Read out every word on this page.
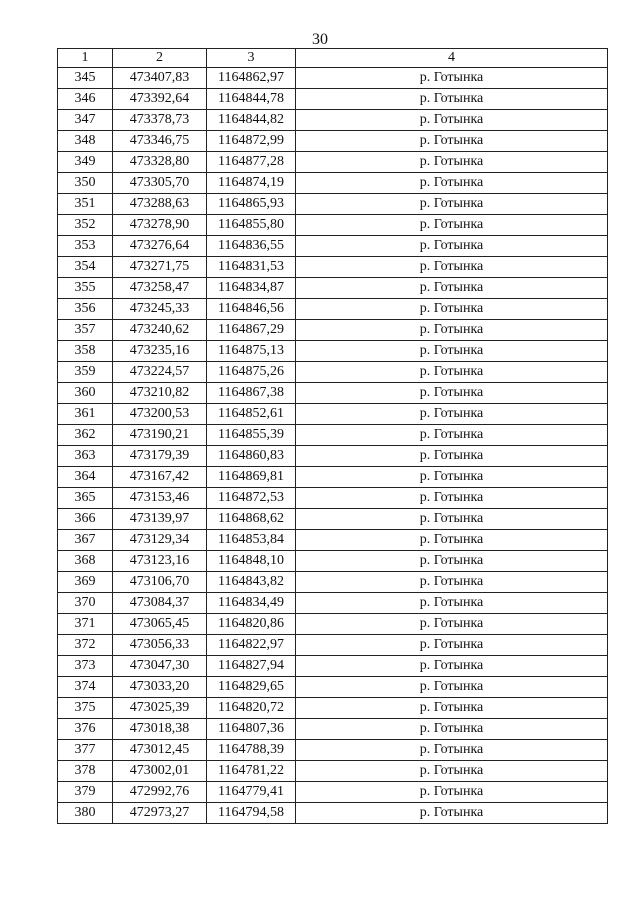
30
1	2	3	4
345	473407,83	1164862,97	р. Готынка
346	473392,64	1164844,78	р. Готынка
347	473378,73	1164844,82	р. Готынка
348	473346,75	1164872,99	р. Готынка
349	473328,80	1164877,28	р. Готынка
350	473305,70	1164874,19	р. Готынка
351	473288,63	1164865,93	р. Готынка
352	473278,90	1164855,80	р. Готынка
353	473276,64	1164836,55	р. Готынка
354	473271,75	1164831,53	р. Готынка
355	473258,47	1164834,87	р. Готынка
356	473245,33	1164846,56	р. Готынка
357	473240,62	1164867,29	р. Готынка
358	473235,16	1164875,13	р. Готынка
359	473224,57	1164875,26	р. Готынка
360	473210,82	1164867,38	р. Готынка
361	473200,53	1164852,61	р. Готынка
362	473190,21	1164855,39	р. Готынка
363	473179,39	1164860,83	р. Готынка
364	473167,42	1164869,81	р. Готынка
365	473153,46	1164872,53	р. Готынка
366	473139,97	1164868,62	р. Готынка
367	473129,34	1164853,84	р. Готынка
368	473123,16	1164848,10	р. Готынка
369	473106,70	1164843,82	р. Готынка
370	473084,37	1164834,49	р. Готынка
371	473065,45	1164820,86	р. Готынка
372	473056,33	1164822,97	р. Готынка
373	473047,30	1164827,94	р. Готынка
374	473033,20	1164829,65	р. Готынка
375	473025,39	1164820,72	р. Готынка
376	473018,38	1164807,36	р. Готынка
377	473012,45	1164788,39	р. Готынка
378	473002,01	1164781,22	р. Готынка
379	472992,76	1164779,41	р. Готынка
380	472973,27	1164794,58	р. Готынка
